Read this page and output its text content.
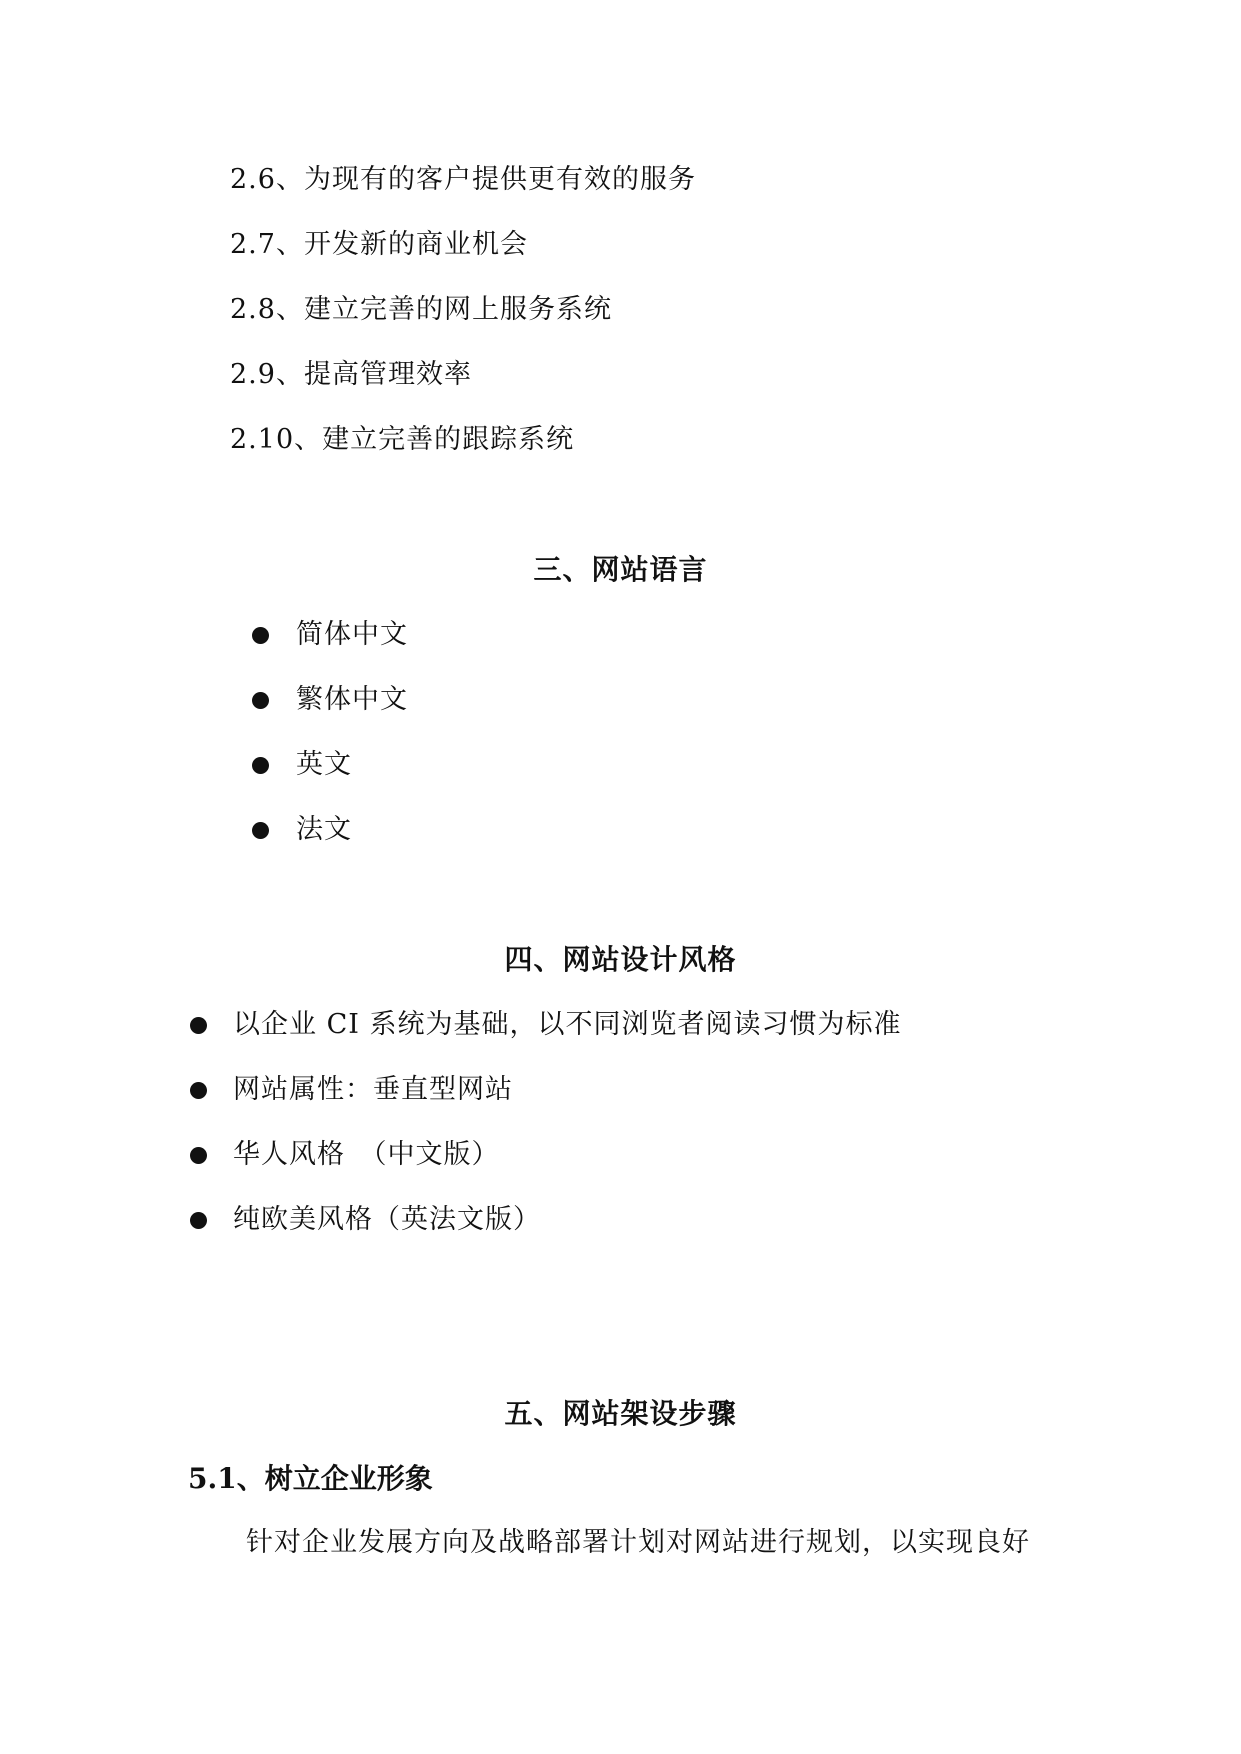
2.6、为现有的客户提供更有效的服务
2.7、开发新的商业机会
2.8、建立完善的网上服务系统
2.9、提高管理效率
2.10、建立完善的跟踪系统
三、网站语言
简体中文
繁体中文
英文
法文
四、网站设计风格
以企业 CI 系统为基础，以不同浏览者阅读习惯为标准
网站属性：垂直型网站
华人风格　（中文版）
纯欧美风格（英法文版）
五、网站架设步骤
5.1、树立企业形象
针对企业发展方向及战略部署计划对网站进行规划，以实现良好
